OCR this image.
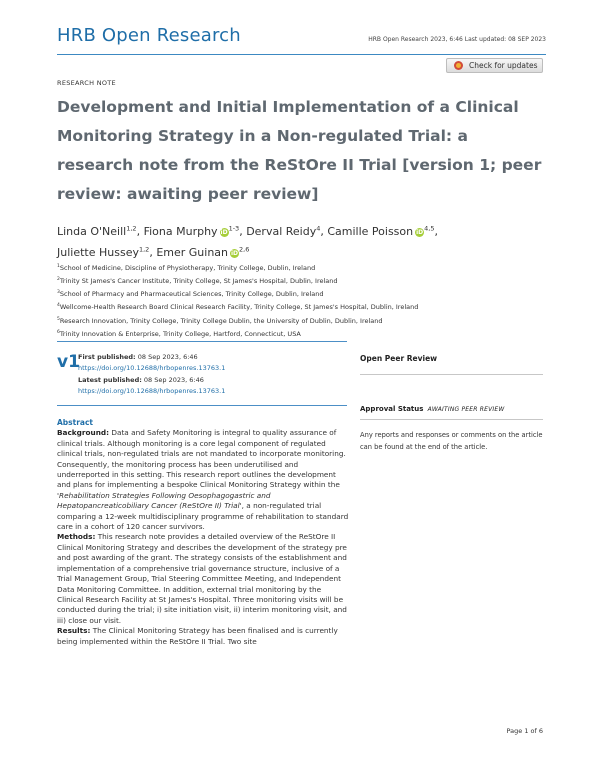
HRB Open Research	HRB Open Research 2023, 6:46 Last updated: 08 SEP 2023
Check for updates
RESEARCH NOTE
Development and Initial Implementation of a Clinical Monitoring Strategy in a Non-regulated Trial: a research note from the ReStOre II Trial [version 1; peer review: awaiting peer review]
Linda O'Neill$^{1,2}$, Fiona Murphy $iD^{1-3}$, Derval Reidy$^4$, Camille Poisson iD$^{4,5}$,
Juliette Hussey$^{1,2}$, Emer Guinan iD$^{2,6}$
$^1$School of Medicine, Discipline of Physiotherapy, Trinity College, Dublin, Ireland
$^2$Trinity St James's Cancer Institute, Trinity College, St James's Hospital, Dublin, Ireland
$^3$School of Pharmacy and Pharmaceutical Sciences, Trinity College, Dublin, Ireland
$^4$Wellcome-Health Research Board Clinical Research Facility, Trinity College, St James's Hospital, Dublin, Ireland
$^5$Research Innovation, Trinity College, Trinity College Dublin, the University of Dublin, Dublin, Ireland
$^6$Trinity Innovation & Enterprise, Trinity College, Hartford, Connecticut, USA
v1
First published: 08 Sep 2023, 6:46
https://doi.org/10.12688/hrbopenres.13763.1
Latest published: 08 Sep 2023, 6:46
https://doi.org/10.12688/hrbopenres.13763.1
Abstract
Background: Data and Safety Monitoring is integral to quality assurance of clinical trials. Although monitoring is a core legal component of regulated clinical trials, non-regulated trials are not mandated to incorporate monitoring. Consequently, the monitoring process has been underutilised and underreported in this setting. This research report outlines the development and plans for implementing a bespoke Clinical Monitoring Strategy within the 'Rehabilitation Strategies Following Oesophagogastric and Hepatopancreaticobiliary Cancer (ReStOre II) Trial', a non-regulated trial comparing a 12-week multidisciplinary programme of rehabilitation to standard care in a cohort of 120 cancer survivors.
Methods: This research note provides a detailed overview of the ReStOre II Clinical Monitoring Strategy and describes the development of the strategy pre and post awarding of the grant. The strategy consists of the establishment and implementation of a comprehensive trial governance structure, inclusive of a Trial Management Group, Trial Steering Committee Meeting, and Independent Data Monitoring Committee. In addition, external trial monitoring by the Clinical Research Facility at St James's Hospital. Three monitoring visits will be conducted during the trial; i) site initiation visit, ii) interim monitoring visit, and iii) close our visit.
Results: The Clinical Monitoring Strategy has been finalised and is currently being implemented within the ReStOre II Trial. Two site
Open Peer Review
Approval Status AWAITING PEER REVIEW
Any reports and responses or comments on the article can be found at the end of the article.
Page 1 of 6
